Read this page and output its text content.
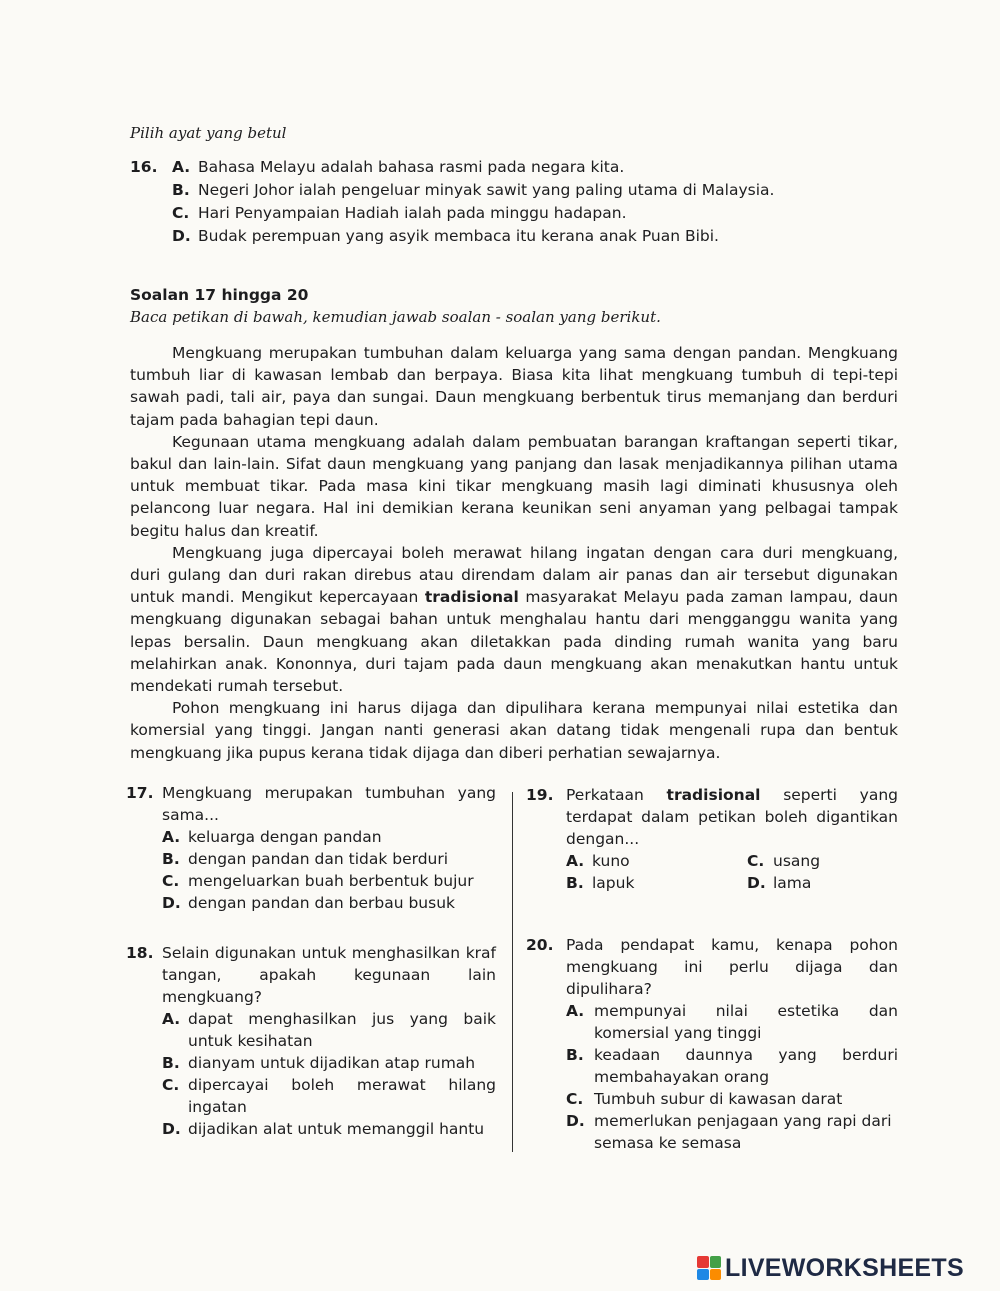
Pilih ayat yang betul
16. A. Bahasa Melayu adalah bahasa rasmi pada negara kita.
B. Negeri Johor ialah pengeluar minyak sawit yang paling utama di Malaysia.
C. Hari Penyampaian Hadiah ialah pada minggu hadapan.
D. Budak perempuan yang asyik membaca itu kerana anak Puan Bibi.
Soalan 17 hingga 20
Baca petikan di bawah, kemudian jawab soalan - soalan yang berikut.

Mengkuang merupakan tumbuhan dalam keluarga yang sama dengan pandan. Mengkuang tumbuh liar di kawasan lembab dan berpaya. Biasa kita lihat mengkuang tumbuh di tepi-tepi sawah padi, tali air, paya dan sungai. Daun mengkuang berbentuk tirus memanjang dan berduri tajam pada bahagian tepi daun.

Kegunaan utama mengkuang adalah dalam pembuatan barangan kraftangan seperti tikar, bakul dan lain-lain. Sifat daun mengkuang yang panjang dan lasak menjadikannya pilihan utama untuk membuat tikar. Pada masa kini tikar mengkuang masih lagi diminati khususnya oleh pelancong luar negara. Hal ini demikian kerana keunikan seni anyaman yang pelbagai tampak begitu halus dan kreatif.

Mengkuang juga dipercayai boleh merawat hilang ingatan dengan cara duri mengkuang, duri gulang dan duri rakan direbus atau direndam dalam air panas dan air tersebut digunakan untuk mandi. Mengikut kepercayaan tradisional masyarakat Melayu pada zaman lampau, daun mengkuang digunakan sebagai bahan untuk menghalau hantu dari mengganggu wanita yang lepas bersalin. Daun mengkuang akan diletakkan pada dinding rumah wanita yang baru melahirkan anak. Kononnya, duri tajam pada daun mengkuang akan menakutkan hantu untuk mendekati rumah tersebut.

Pohon mengkuang ini harus dijaga dan dipulihara kerana mempunyai nilai estetika dan komersial yang tinggi. Jangan nanti generasi akan datang tidak mengenali rupa dan bentuk mengkuang jika pupus kerana tidak dijaga dan diberi perhatian sewajarnya.

17. Mengkuang merupakan tumbuhan yang sama...
A. keluarga dengan pandan
B. dengan pandan dan tidak berduri
C. mengeluarkan buah berbentuk bujur
D. dengan pandan dan berbau busuk
18. Selain digunakan untuk menghasilkan kraf tangan, apakah kegunaan lain mengkuang?
A. dapat menghasilkan jus yang baik untuk kesihatan
B. dianyam untuk dijadikan atap rumah
C. dipercayai boleh merawat hilang ingatan
D. dijadikan alat untuk memanggil hantu
19. Perkataan tradisional seperti yang terdapat dalam petikan boleh digantikan dengan...
A. kuno	C. usang
B. lapuk	D. lama
20. Pada pendapat kamu, kenapa pohon mengkuang ini perlu dijaga dan dipulihara?
A. mempunyai nilai estetika dan komersial yang tinggi
B. keadaan daunnya yang berduri membahayakan orang
C. Tumbuh subur di kawasan darat
D. memerlukan penjagaan yang rapi dari semasa ke semasa
LIVEWORKSHEETS
